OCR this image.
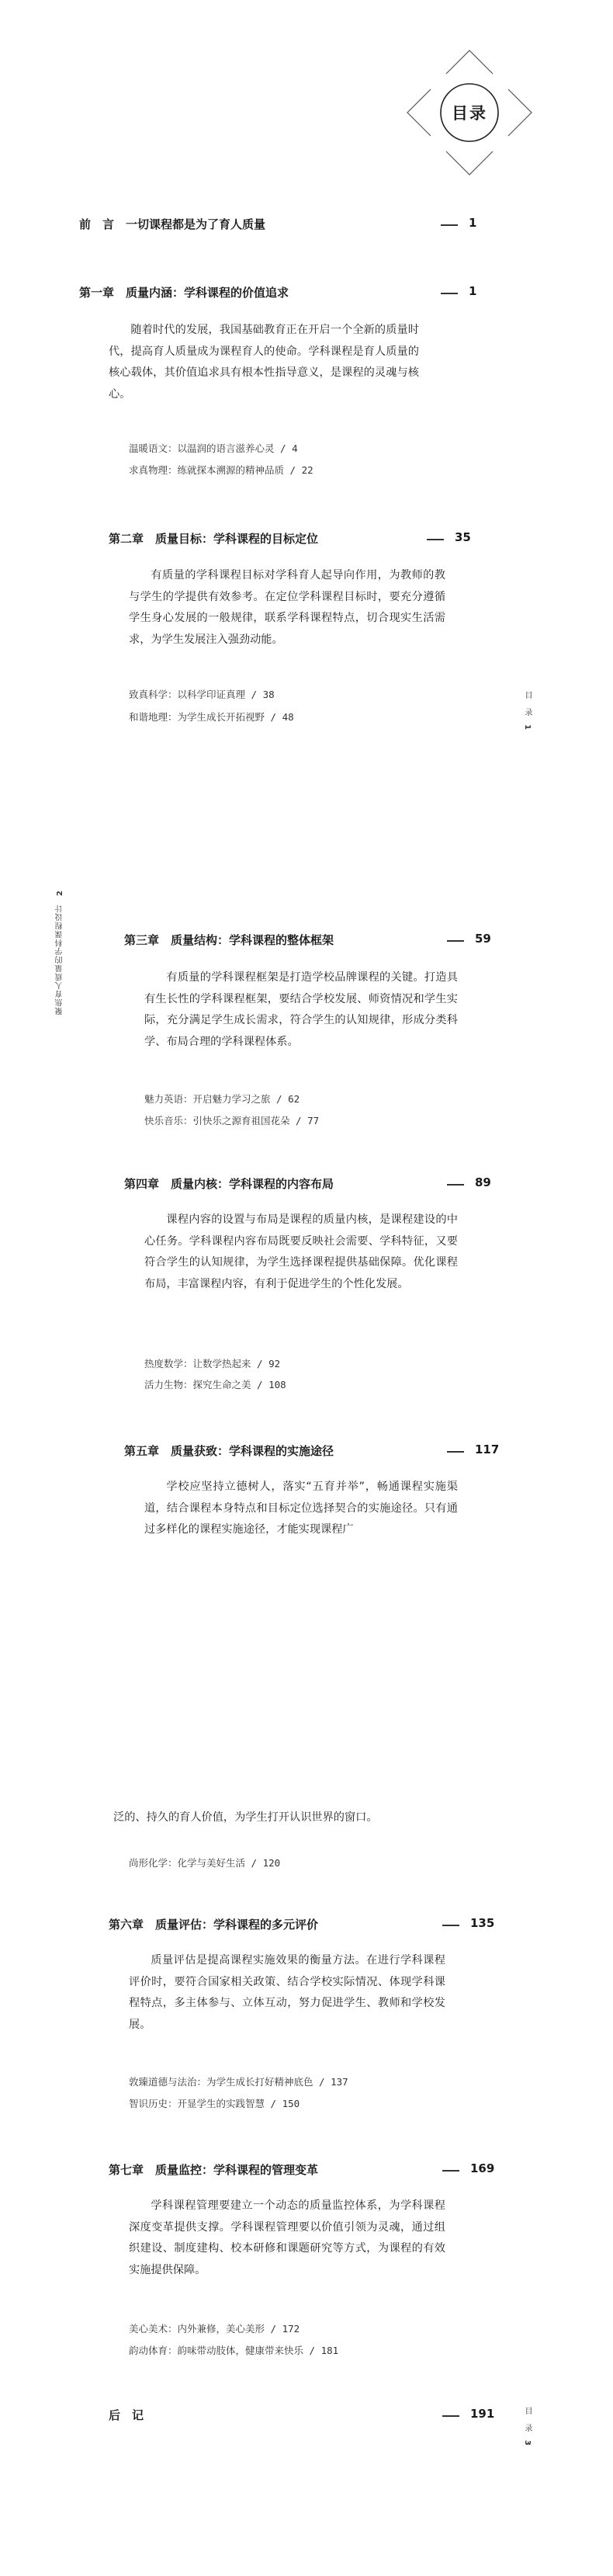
目录
前　言　一切课程都是为了育人质量	1
第一章　质量内涵：学科课程的价值追求	1

随着时代的发展，我国基础教育正在开启一个全新的质量时代，提高育人质量成为课程育人的使命。学科课程是育人质量的核心载体，其价值追求具有根本性指导意义，是课程的灵魂与核心。

温暖语文：以温润的语言滋养心灵 / 4
求真物理：练就探本溯源的精神品质 / 22
第二章　质量目标：学科课程的目标定位	35

有质量的学科课程目标对学科育人起导向作用，为教师的教与学生的学提供有效参考。在定位学科课程目标时，要充分遵循学生身心发展的一般规律，联系学科课程特点，切合现实生活需求，为学生发展注入强劲动能。

致真科学：以科学印证真理 / 38
和谐地理：为学生成长开拓视野 / 48
目　录 1
聚焦育人质量的学科课程设计 2
第三章　质量结构：学科课程的整体框架	59

有质量的学科课程框架是打造学校品牌课程的关键。打造具有生长性的学科课程框架，要结合学校发展、师资情况和学生实际，充分满足学生成长需求，符合学生的认知规律，形成分类科学、布局合理的学科课程体系。

魅力英语：开启魅力学习之旅 / 62
快乐音乐：引快乐之源育祖国花朵 / 77
第四章　质量内核：学科课程的内容布局	89

课程内容的设置与布局是课程的质量内核，是课程建设的中心任务。学科课程内容布局既要反映社会需要、学科特征，又要符合学生的认知规律，为学生选择课程提供基础保障。优化课程布局，丰富课程内容，有利于促进学生的个性化发展。

热度数学：让数学热起来 / 92
活力生物：探究生命之美 / 108
第五章　质量获致：学科课程的实施途径	117

学校应坚持立德树人，落实“五育并举”，畅通课程实施渠道，结合课程本身特点和目标定位选择契合的实施途径。只有通过多样化的课程实施途径，才能实现课程广

泛的、持久的育人价值，为学生打开认识世界的窗口。

尚形化学：化学与美好生活 / 120
第六章　质量评估：学科课程的多元评价	135

质量评估是提高课程实施效果的衡量方法。在进行学科课程评价时，要符合国家相关政策、结合学校实际情况、体现学科课程特点，多主体参与、立体互动，努力促进学生、教师和学校发展。

敦臻道德与法治：为学生成长打好精神底色 / 137
智识历史：开显学生的实践智慧 / 150
第七章　质量监控：学科课程的管理变革	169

学科课程管理要建立一个动态的质量监控体系，为学科课程深度变革提供支撑。学科课程管理要以价值引领为灵魂，通过组织建设、制度建构、校本研修和课题研究等方式，为课程的有效实施提供保障。

美心美术：内外兼修，美心美形 / 172
韵动体育：韵味带动肢体，健康带来快乐 / 181
后　记	191	目　录 3
